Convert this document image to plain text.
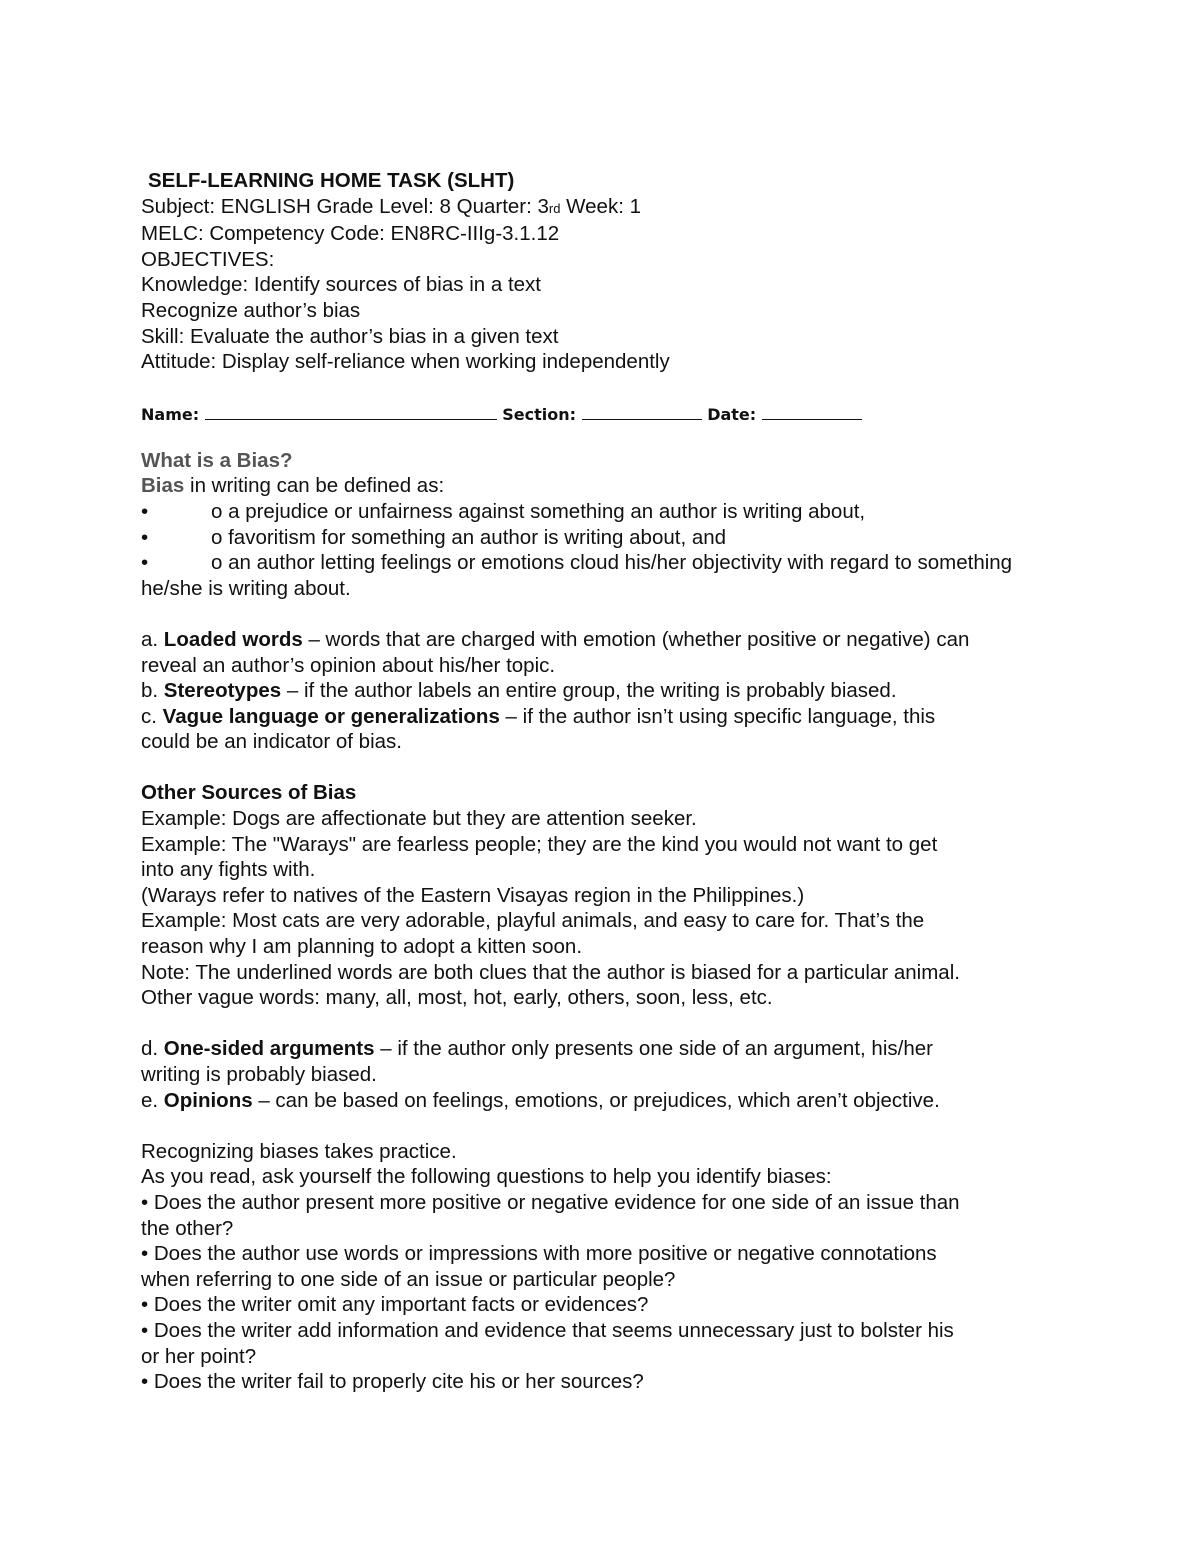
SELF-LEARNING HOME TASK (SLHT)
Subject: ENGLISH Grade Level: 8 Quarter: 3rd Week: 1
MELC: Competency Code: EN8RC-IIIg-3.1.12
OBJECTIVES:
Knowledge: Identify sources of bias in a text
Recognize author’s bias
Skill: Evaluate the author’s bias in a given text
Attitude: Display self-reliance when working independently
Name:	Section:	Date:
What is a Bias?
Bias in writing can be defined as:
•	o a prejudice or unfairness against something an author is writing about,
•	o favoritism for something an author is writing about, and
•	o an author letting feelings or emotions cloud his/her objectivity with regard to something
he/she is writing about.
a. Loaded words – words that are charged with emotion (whether positive or negative) can
reveal an author’s opinion about his/her topic.
b. Stereotypes – if the author labels an entire group, the writing is probably biased.
c. Vague language or generalizations – if the author isn’t using specific language, this
could be an indicator of bias.
Other Sources of Bias
Example: Dogs are affectionate but they are attention seeker.
Example: The "Warays" are fearless people; they are the kind you would not want to get
into any fights with.
(Warays refer to natives of the Eastern Visayas region in the Philippines.)
Example: Most cats are very adorable, playful animals, and easy to care for. That’s the
reason why I am planning to adopt a kitten soon.
Note: The underlined words are both clues that the author is biased for a particular animal.
Other vague words: many, all, most, hot, early, others, soon, less, etc.
d. One-sided arguments – if the author only presents one side of an argument, his/her
writing is probably biased.
e. Opinions – can be based on feelings, emotions, or prejudices, which aren’t objective.
Recognizing biases takes practice.
As you read, ask yourself the following questions to help you identify biases:
• Does the author present more positive or negative evidence for one side of an issue than
the other?
• Does the author use words or impressions with more positive or negative connotations
when referring to one side of an issue or particular people?
• Does the writer omit any important facts or evidences?
• Does the writer add information and evidence that seems unnecessary just to bolster his
or her point?
• Does the writer fail to properly cite his or her sources?
